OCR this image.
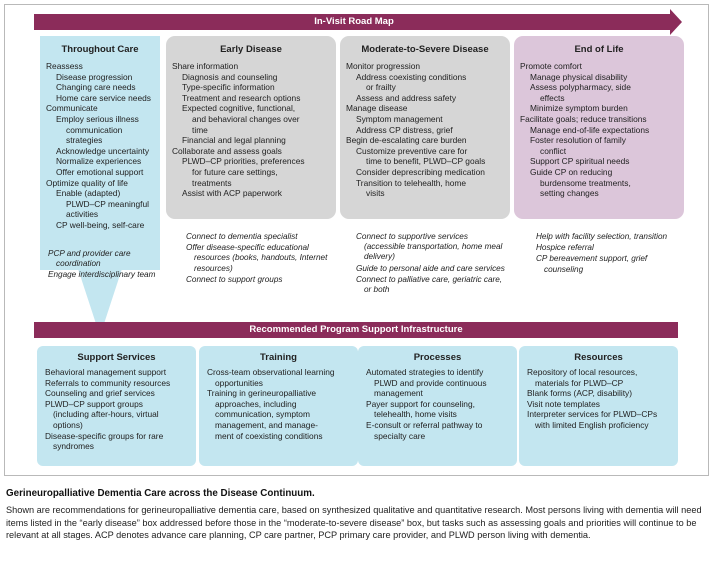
In-Visit Road Map
Throughout Care
Reassess
Disease progression
Changing care needs
Home care service needs
Communicate
Employ serious illness
communication
strategies
Acknowledge uncertainty
Normalize experiences
Offer emotional support
Optimize quality of life
Enable (adapted)
PLWD–CP meaningful
activities
CP well-being, self-care
Early Disease
Share information
Diagnosis and counseling
Type-specific information
Treatment and research options
Expected cognitive, functional,
and behavioral changes over
time
Financial and legal planning
Collaborate and assess goals
PLWD–CP priorities, preferences
for future care settings,
treatments
Assist with ACP paperwork
Moderate-to-Severe Disease
Monitor progression
Address coexisting conditions
or frailty
Assess and address safety
Manage disease
Symptom management
Address CP distress, grief
Begin de-escalating care burden
Customize preventive care for
time to benefit, PLWD–CP goals
Consider deprescribing medication
Transition to telehealth, home
visits
End of Life
Promote comfort
Manage physical disability
Assess polypharmacy, side
effects
Minimize symptom burden
Facilitate goals; reduce transitions
Manage end-of-life expectations
Foster resolution of family
conflict
Support CP spiritual needs
Guide CP on reducing
burdensome treatments,
setting changes
PCP and provider care coordination
Engage interdisciplinary team
Connect to dementia specialist
Offer disease-specific educational resources (books, handouts, Internet resources)
Connect to support groups
Connect to supportive services (accessible transportation, home meal delivery)
Guide to personal aide and care services
Connect to palliative care, geriatric care, or both
Help with facility selection, transition
Hospice referral
CP bereavement support, grief counseling
Recommended Program Support Infrastructure
Support Services
Behavioral management support
Referrals to community resources
Counseling and grief services
PLWD–CP support groups
(including after-hours, virtual
options)
Disease-specific groups for rare
syndromes
Training
Cross-team observational learning
opportunities
Training in gerineuropalliative
approaches, including
communication, symptom
management, and manage-
ment of coexisting conditions
Processes
Automated strategies to identify
PLWD and provide continuous
management
Payer support for counseling,
telehealth, home visits
E-consult or referral pathway to
specialty care
Resources
Repository of local resources,
materials for PLWD–CP
Blank forms (ACP, disability)
Visit note templates
Interpreter services for PLWD–CPs
with limited English proficiency
Gerineuropalliative Dementia Care across the Disease Continuum.
Shown are recommendations for gerineuropalliative dementia care, based on synthesized qualitative and quantitative research. Most persons living with dementia will need items listed in the “early disease” box addressed before those in the “moderate-to-severe disease” box, but tasks such as assessing goals and priorities will continue to be relevant at all stages. ACP denotes advance care planning, CP care partner, PCP primary care provider, and PLWD person living with dementia.
